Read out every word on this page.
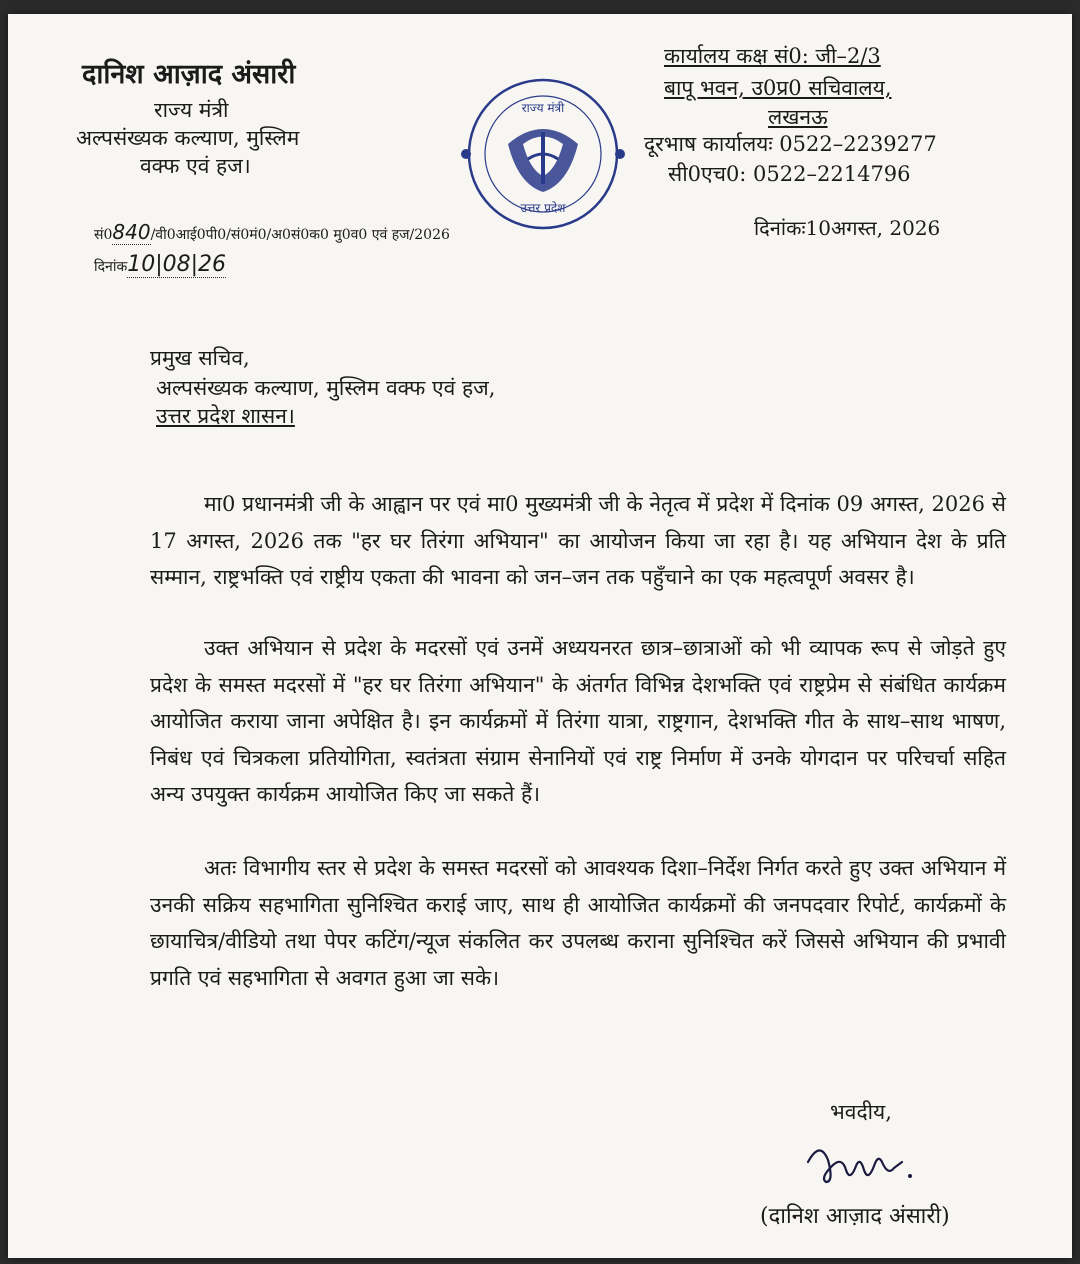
दानिश आज़ाद अंसारी
राज्य मंत्री
अल्पसंख्यक कल्याण, मुस्लिम
वक्फ एवं हज।
राज्य मंत्री
उत्तर प्रदेश
कार्यालय कक्ष सं0: जी–2/3
बापू भवन, उ0प्र0 सचिवालय,
लखनऊ
दूरभाष कार्यालयः 0522–2239277
सी0एच0: 0522–2214796
सं0840/वी0आई0पी0/सं0मं0/अ0सं0क0 मु0व0 एवं हज/2026
दिनांक10|08|26
दिनांकः10अगस्त, 2026
प्रमुख सचिव,
अल्पसंख्यक कल्याण, मुस्लिम वक्फ एवं हज,
उत्तर प्रदेश शासन।

मा0 प्रधानमंत्री जी के आह्वान पर एवं मा0 मुख्यमंत्री जी के नेतृत्व में प्रदेश में दिनांक 09 अगस्त, 2026 से 17 अगस्त, 2026 तक "हर घर तिरंगा अभियान" का आयोजन किया जा रहा है। यह अभियान देश के प्रति सम्मान, राष्ट्रभक्ति एवं राष्ट्रीय एकता की भावना को जन–जन तक पहुँचाने का एक महत्वपूर्ण अवसर है।

उक्त अभियान से प्रदेश के मदरसों एवं उनमें अध्ययनरत छात्र–छात्राओं को भी व्यापक रूप से जोड़ते हुए प्रदेश के समस्त मदरसों में "हर घर तिरंगा अभियान" के अंतर्गत विभिन्न देशभक्ति एवं राष्ट्रप्रेम से संबंधित कार्यक्रम आयोजित कराया जाना अपेक्षित है। इन कार्यक्रमों में तिरंगा यात्रा, राष्ट्रगान, देशभक्ति गीत के साथ–साथ भाषण, निबंध एवं चित्रकला प्रतियोगिता, स्वतंत्रता संग्राम सेनानियों एवं राष्ट्र निर्माण में उनके योगदान पर परिचर्चा सहित अन्य उपयुक्त कार्यक्रम आयोजित किए जा सकते हैं।

अतः विभागीय स्तर से प्रदेश के समस्त मदरसों को आवश्यक दिशा–निर्देश निर्गत करते हुए उक्त अभियान में उनकी सक्रिय सहभागिता सुनिश्चित कराई जाए, साथ ही आयोजित कार्यक्रमों की जनपदवार रिपोर्ट, कार्यक्रमों के छायाचित्र/वीडियो तथा पेपर कटिंग/न्यूज संकलित कर उपलब्ध कराना सुनिश्चित करें जिससे अभियान की प्रभावी प्रगति एवं सहभागिता से अवगत हुआ जा सके।

भवदीय,
(दानिश आज़ाद अंसारी)
